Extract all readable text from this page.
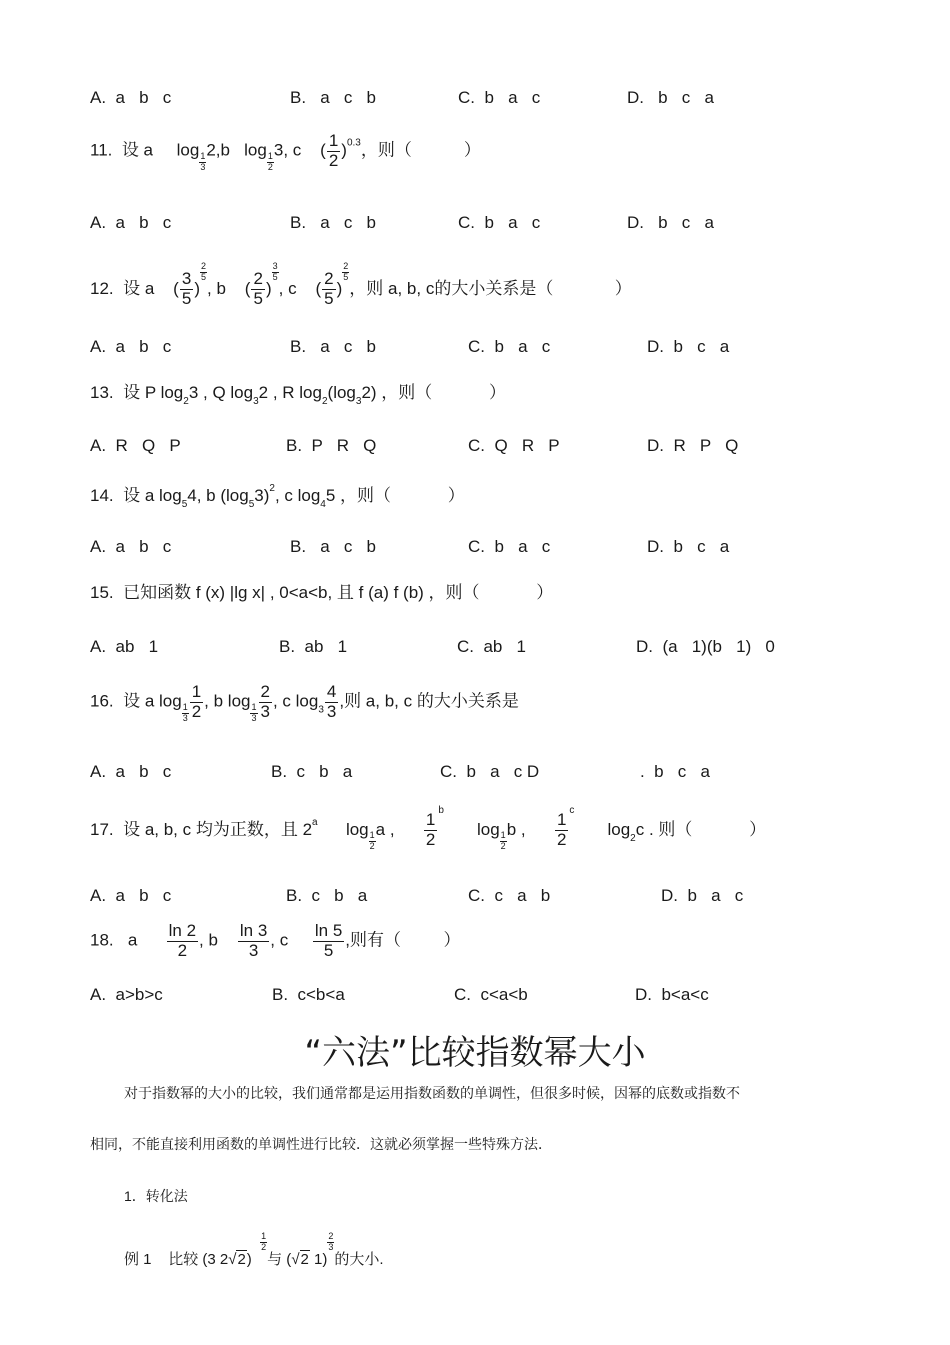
A.  a   b   c	B.   a   c   b	C.  b   a   c	D.   b   c   a
11. 设 a log
$\frac{1}{3}$
2,b log
$\frac{1}{2}$
3, c    ( $\frac{1}{2} )^{0.3}$，则（	）
A.  a   b   c	B.   a   c   b	C.  b   a   c	D.   b   c   a
12. 设 a    ( $\frac{3}{5}$ )
$\frac{2}{5}$
, b    ( $\frac{2}{5}$ )
$\frac{3}{5}$
, c    ( $\frac{2}{5}$ )
$\frac{2}{5}$
，则 a, b, c的大小关系是（	）
A.  a   b   c	B.   a   c   b	C.  b   a   c	D.  b   c   a
13. 设 P $\log_23$ , Q $\log_32$ , R $\log_2(\log_32)$ ，则（	）
A.  R   Q   P	B.  P   R   Q	C.  Q   R   P	D.  R   P   Q
14. 设 a $\log_54$, b $(\log_53)^2$, c $\log_45$ ，则（	）
A.  a   b   c	B.   a   c   b	C.  b   a   c	D.  b   c   a
15. 已知函数 f (x) |lg x| , 0<a<b, 且 f (a) f (b) ，则（	）
A.  ab   1	B.  ab   1	C.  ab   1	D.  (a   1)(b   1)   0
16. 设 a log
$\frac{1}{3} \frac{1}{2}$ , b log
$\frac{1}{3} \frac{2}{3}$ , c $\log_3 \frac{4}{3}$ ,则 a, b, c 的大小关系是
A.  a   b   c	B.  c   b   a	C.  b   a   c D	.  b   c   a
17. 设 a, b, c 均为正数，且 2$^a$ log
$\frac{1}{2}$
a , $\frac{1}{2}$
$^b$       log
$\frac{1}{2}$
b , $\frac{1}{2}$
$^c$       $\log_2c$ . 则（	）
A.  a   b   c	B.  c   b   a	C.  c   a   b	D.  b   a   c
18. a $\frac{\ln 2}{2}$ , b $\frac{\ln 3}{3}$ , c $\frac{\ln 5}{5}$ ,则有（	）
A.  a>b>c	B.  c<b<a	C.  c<a<b	D.  b<a<c
“六法”比较指数幂大小
对于指数幂的大小的比较，我们通常都是运用指数函数的单调性，但很多时候，因幂的底数或指数不
相同，不能直接利用函数的单调性进行比较．这就必须掌握一些特殊方法．
1．转化法
例 1 比较 (3 2√2)
$\frac{1}{2}$
与 (√2 1)
$\frac{2}{3}$
的大小.
